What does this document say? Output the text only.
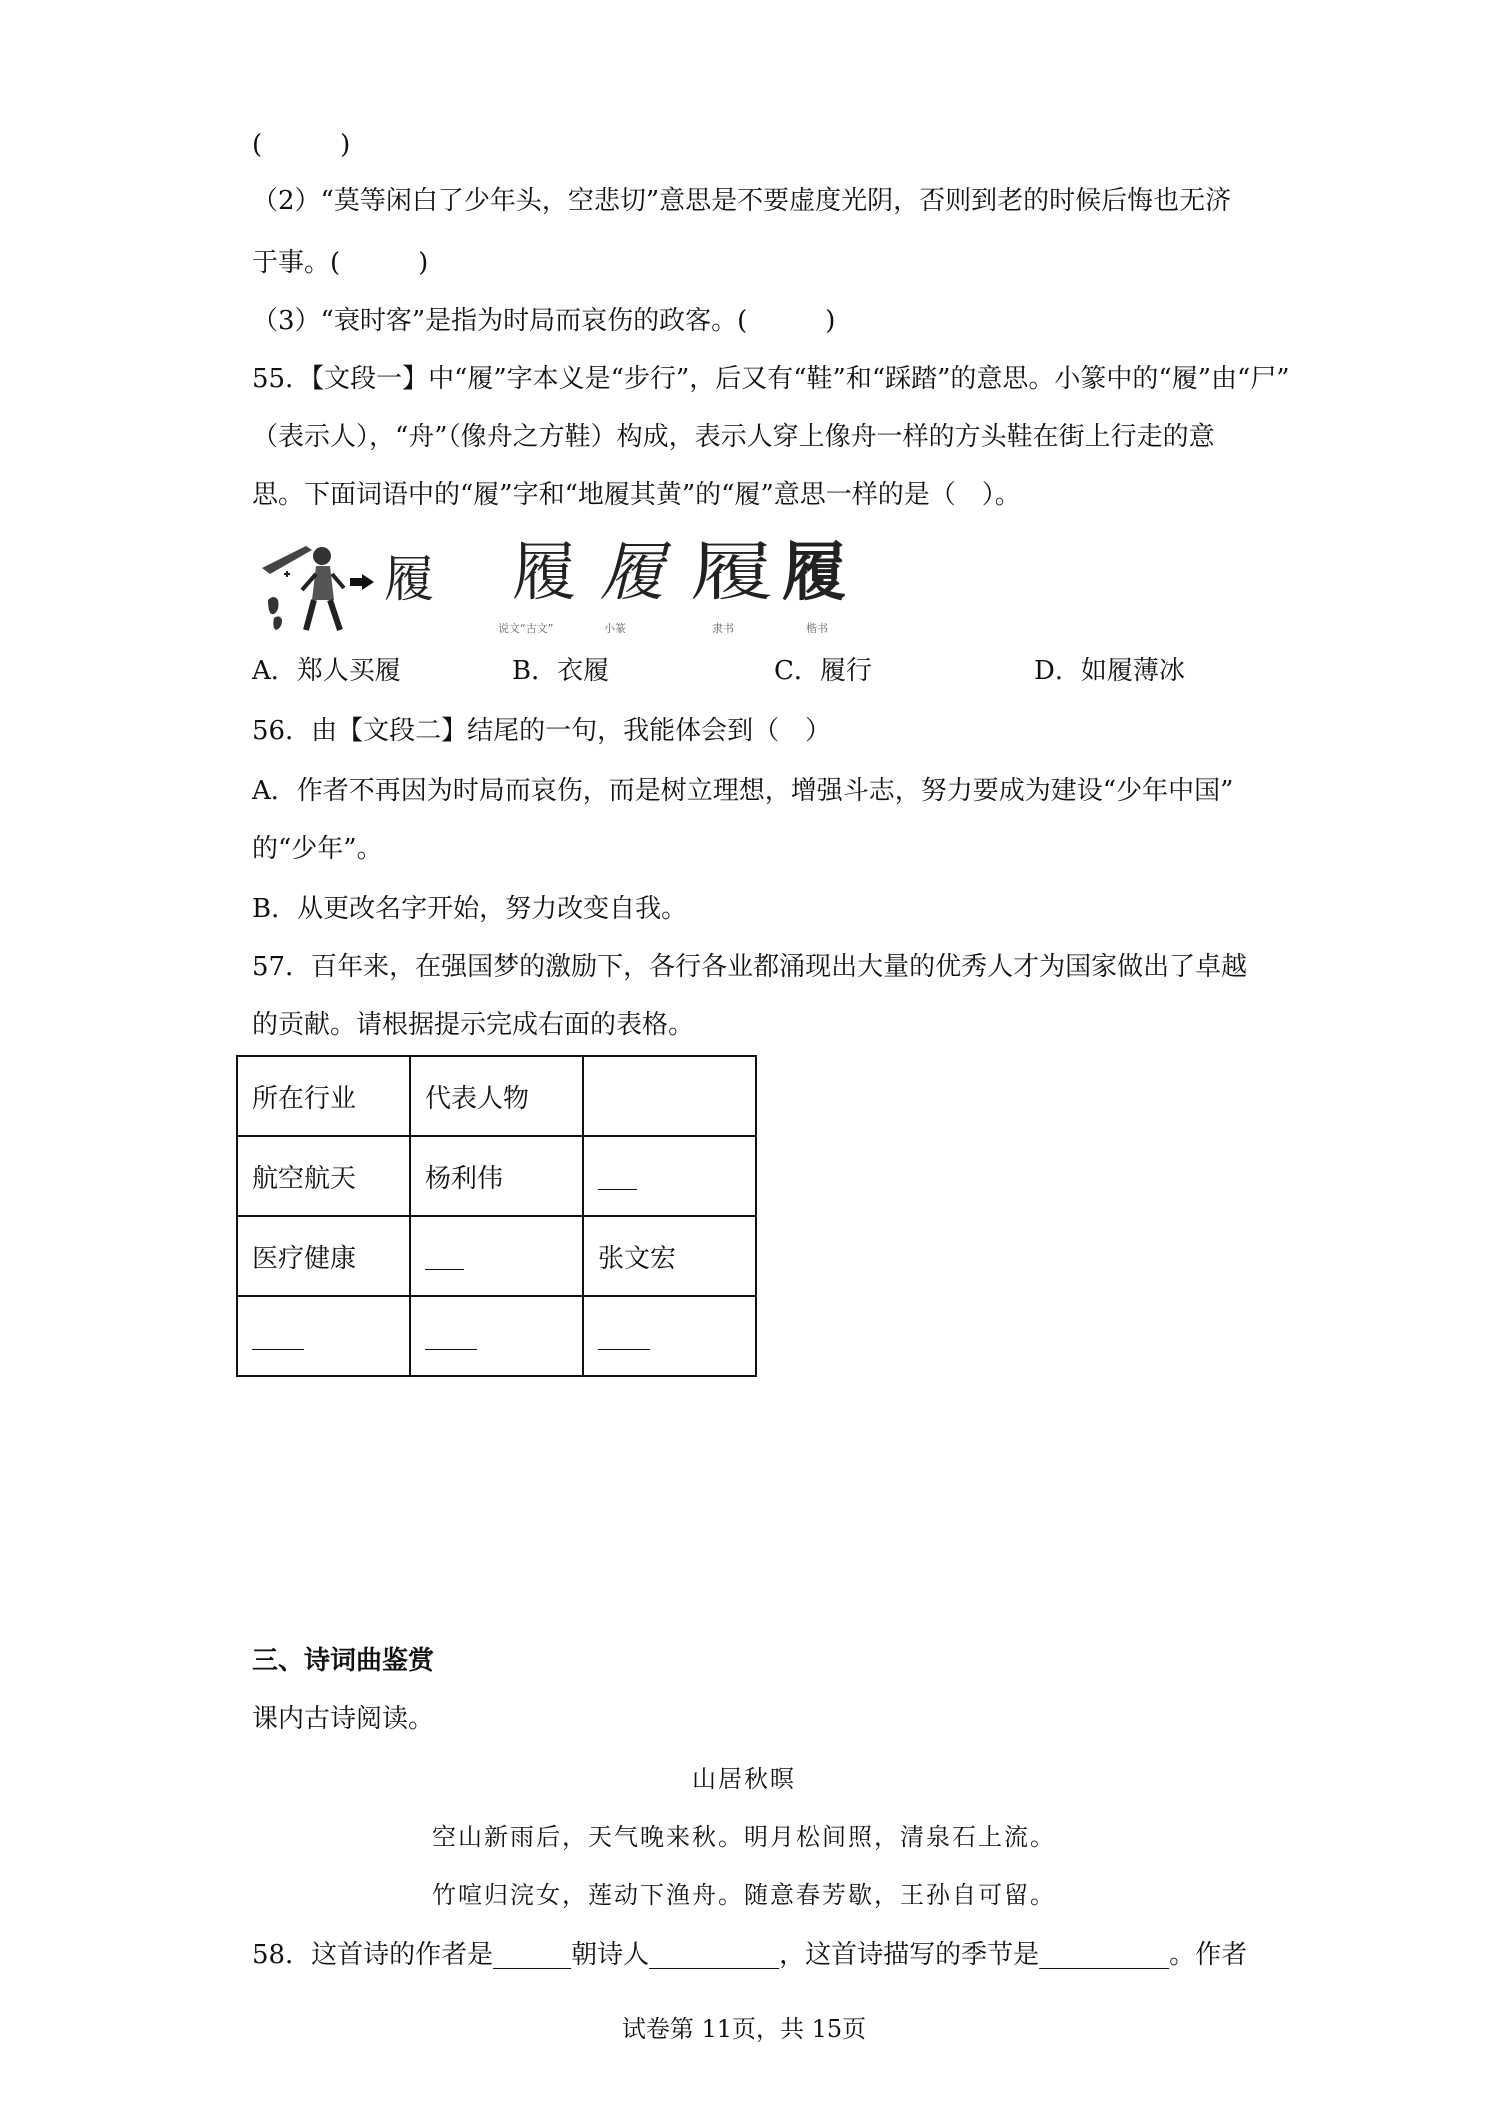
(　　　)
（2）“莫等闲白了少年头，空悲切”意思是不要虚度光阴，否则到老的时候后悔也无济
于事。(　　　)
（3）“衰时客”是指为时局而哀伤的政客。(　　　)
55．【文段一】中“履”字本义是“步行”，后又有“鞋”和“踩踏”的意思。小篆中的“履”由“尸”
（表示人），“舟”（像舟之方鞋）构成，表示人穿上像舟一样的方头鞋在街上行走的意
思。下面词语中的“履”字和“地履其黄”的“履”意思一样的是（　）。
履 履 履 履 履
说文“古文”	小篆	隶书	楷书
A．郑人买履	B．衣履	C．履行	D．如履薄冰
56．由【文段二】结尾的一句，我能体会到（　）
A．作者不再因为时局而哀伤，而是树立理想，增强斗志，努力要成为建设“少年中国”
的“少年”。
B．从更改名字开始，努力改变自我。
57．百年来，在强国梦的激励下，各行各业都涌现出大量的优秀人才为国家做出了卓越
的贡献。请根据提示完成右面的表格。
所在行业	代表人物	
航空航天	杨利伟	___
医疗健康	___	张文宏
____	____	____
三、诗词曲鉴赏
课内古诗阅读。
山居秋暝
空山新雨后，天气晚来秋。明月松间照，清泉石上流。
竹喧归浣女，莲动下渔舟。随意春芳歇，王孙自可留。
58．这首诗的作者是______朝诗人__________，这首诗描写的季节是__________。作者
试卷第 11页，共 15页
